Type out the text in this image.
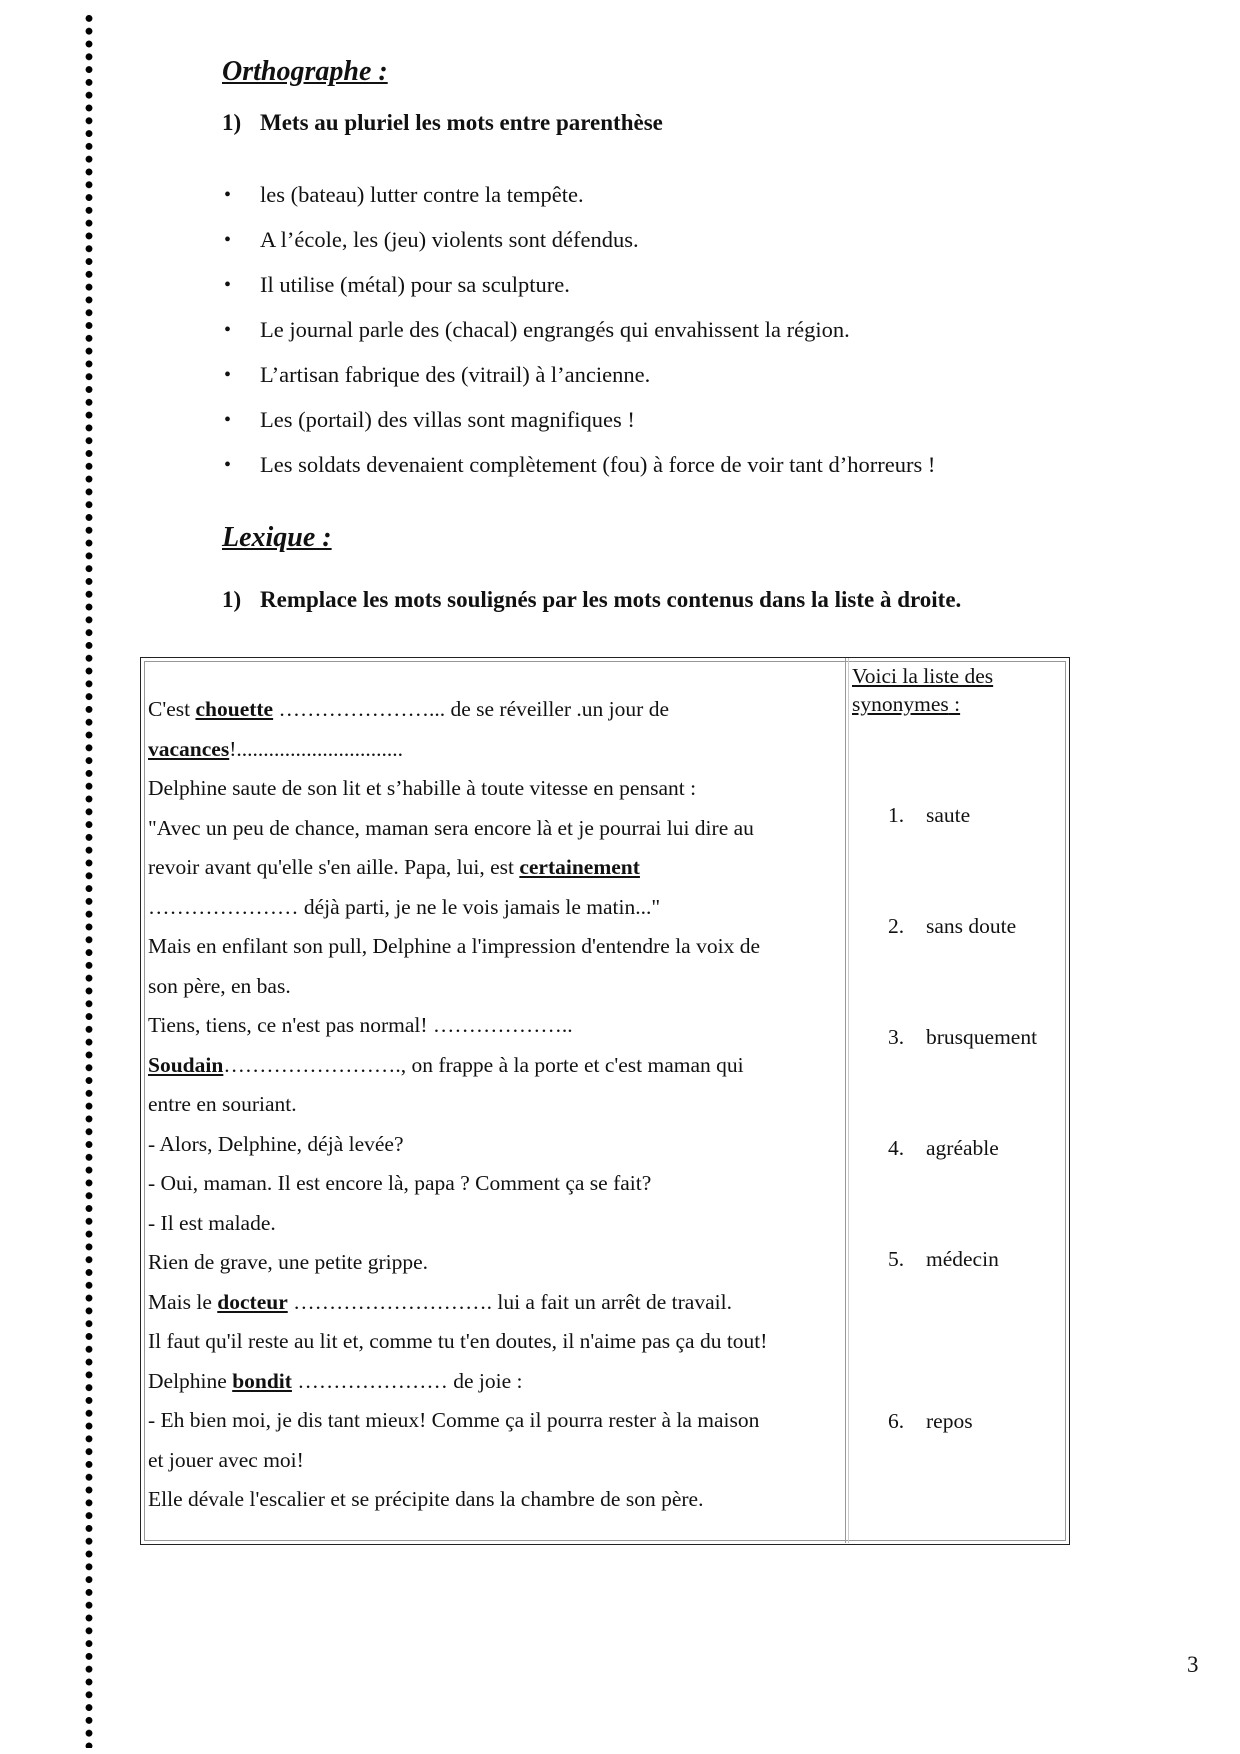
Orthographe :

1) Mets au pluriel les mots entre parenthèse

• les (bateau) lutter contre la tempête.
• A l’école, les (jeu) violents sont défendus.
• Il utilise (métal) pour sa sculpture.
• Le journal parle des (chacal) engrangés qui envahissent la région.
• L’artisan fabrique des (vitrail) à l’ancienne.
• Les (portail) des villas sont magnifiques !
• Les soldats devenaient complètement (fou) à force de voir tant d’horreurs !
Lexique :

1) Remplace les mots soulignés par les mots contenus dans la liste à droite.

C'est chouette …………………... de se réveiller .un jour de
vacances!...............................
Delphine saute de son lit et s’habille à toute vitesse en pensant :
"Avec un peu de chance, maman sera encore là et je pourrai lui dire au
revoir avant qu'elle s'en aille. Papa, lui, est certainement
………………… déjà parti, je ne le vois jamais le matin..."
Mais en enfilant son pull, Delphine a l'impression d'entendre la voix de
son père, en bas.
Tiens, tiens, ce n'est pas normal! ………………..
Soudain……………………., on frappe à la porte et c'est maman qui
entre en souriant.
- Alors, Delphine, déjà levée?
- Oui, maman. Il est encore là, papa ? Comment ça se fait?
- Il est malade.
Rien de grave, une petite grippe.
Mais le docteur ………………………. lui a fait un arrêt de travail.
Il faut qu'il reste au lit et, comme tu t'en doutes, il n'aime pas ça du tout!
Delphine bondit ………………… de joie :
- Eh bien moi, je dis tant mieux! Comme ça il pourra rester à la maison
et jouer avec moi!
Elle dévale l'escalier et se précipite dans la chambre de son père.

Voici la liste des synonymes :

1. saute
2. sans doute
3. brusquement
4. agréable
5. médecin
6. repos
3
